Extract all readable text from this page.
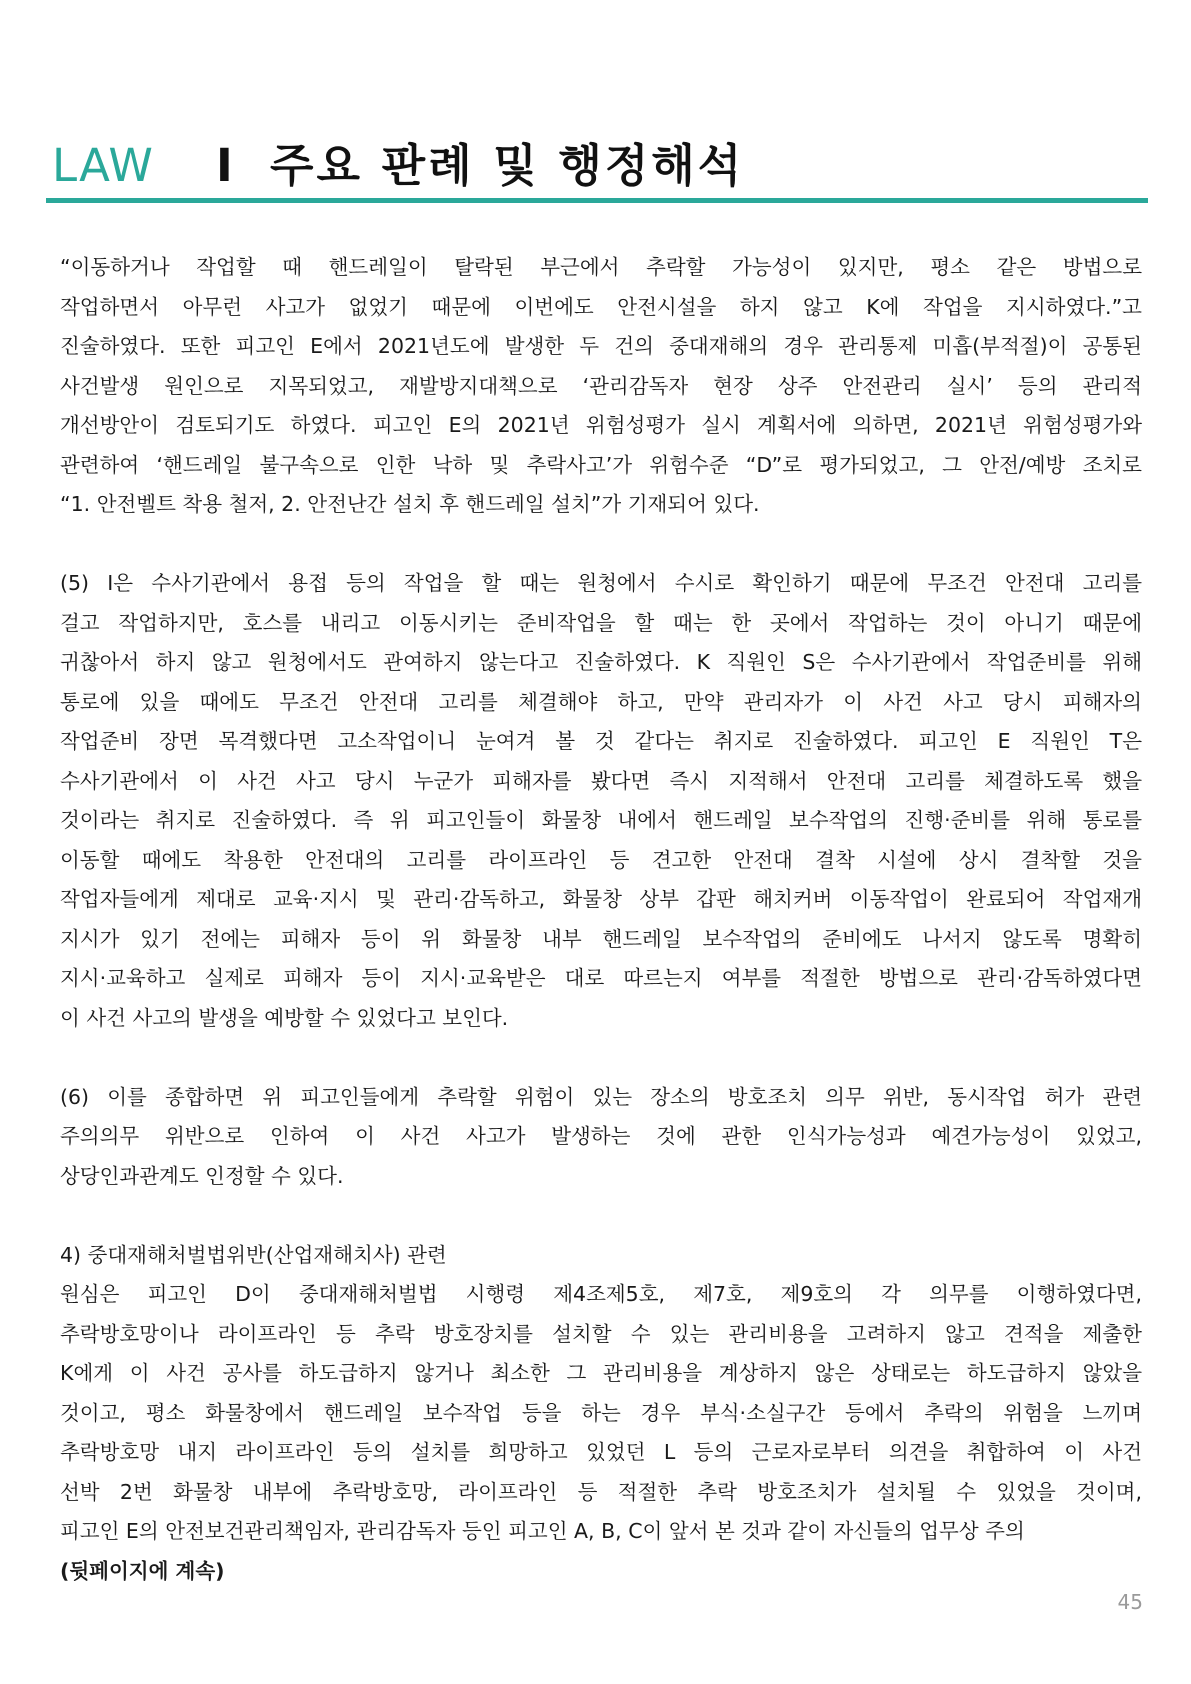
LAW I 주요 판례 및 행정해석
“이동하거나 작업할 때 핸드레일이 탈락된 부근에서 추락할 가능성이 있지만, 평소 같은 방법으로
작업하면서 아무런 사고가 없었기 때문에 이번에도 안전시설을 하지 않고 K에 작업을 지시하였다.”고
진술하였다. 또한 피고인 E에서 2021년도에 발생한 두 건의 중대재해의 경우 관리통제 미흡(부적절)이 공통된
사건발생 원인으로 지목되었고, 재발방지대책으로 ‘관리감독자 현장 상주 안전관리 실시’ 등의 관리적
개선방안이 검토되기도 하였다. 피고인 E의 2021년 위험성평가 실시 계획서에 의하면, 2021년 위험성평가와
관련하여 ‘핸드레일 불구속으로 인한 낙하 및 추락사고’가 위험수준 “D”로 평가되었고, 그 안전/예방 조치로
“1. 안전벨트 착용 철저, 2. 안전난간 설치 후 핸드레일 설치”가 기재되어 있다.
(5) I은 수사기관에서 용접 등의 작업을 할 때는 원청에서 수시로 확인하기 때문에 무조건 안전대 고리를
걸고 작업하지만, 호스를 내리고 이동시키는 준비작업을 할 때는 한 곳에서 작업하는 것이 아니기 때문에
귀찮아서 하지 않고 원청에서도 관여하지 않는다고 진술하였다. K 직원인 S은 수사기관에서 작업준비를 위해
통로에 있을 때에도 무조건 안전대 고리를 체결해야 하고, 만약 관리자가 이 사건 사고 당시 피해자의
작업준비 장면 목격했다면 고소작업이니 눈여겨 볼 것 같다는 취지로 진술하였다. 피고인 E 직원인 T은
수사기관에서 이 사건 사고 당시 누군가 피해자를 봤다면 즉시 지적해서 안전대 고리를 체결하도록 했을
것이라는 취지로 진술하였다. 즉 위 피고인들이 화물창 내에서 핸드레일 보수작업의 진행·준비를 위해 통로를
이동할 때에도 착용한 안전대의 고리를 라이프라인 등 견고한 안전대 결착 시설에 상시 결착할 것을
작업자들에게 제대로 교육·지시 및 관리·감독하고, 화물창 상부 갑판 해치커버 이동작업이 완료되어 작업재개
지시가 있기 전에는 피해자 등이 위 화물창 내부 핸드레일 보수작업의 준비에도 나서지 않도록 명확히
지시·교육하고 실제로 피해자 등이 지시·교육받은 대로 따르는지 여부를 적절한 방법으로 관리·감독하였다면
이 사건 사고의 발생을 예방할 수 있었다고 보인다.
(6) 이를 종합하면 위 피고인들에게 추락할 위험이 있는 장소의 방호조치 의무 위반, 동시작업 허가 관련
주의의무 위반으로 인하여 이 사건 사고가 발생하는 것에 관한 인식가능성과 예견가능성이 있었고,
상당인과관계도 인정할 수 있다.
4) 중대재해처벌법위반(산업재해치사) 관련
원심은 피고인 D이 중대재해처벌법 시행령 제4조제5호, 제7호, 제9호의 각 의무를 이행하였다면,
추락방호망이나 라이프라인 등 추락 방호장치를 설치할 수 있는 관리비용을 고려하지 않고 견적을 제출한
K에게 이 사건 공사를 하도급하지 않거나 최소한 그 관리비용을 계상하지 않은 상태로는 하도급하지 않았을
것이고, 평소 화물창에서 핸드레일 보수작업 등을 하는 경우 부식·소실구간 등에서 추락의 위험을 느끼며
추락방호망 내지 라이프라인 등의 설치를 희망하고 있었던 L 등의 근로자로부터 의견을 취합하여 이 사건
선박 2번 화물창 내부에 추락방호망, 라이프라인 등 적절한 추락 방호조치가 설치될 수 있었을 것이며,
피고인 E의 안전보건관리책임자, 관리감독자 등인 피고인 A, B, C이 앞서 본 것과 같이 자신들의 업무상 주의
(뒷페이지에 계속)
45
